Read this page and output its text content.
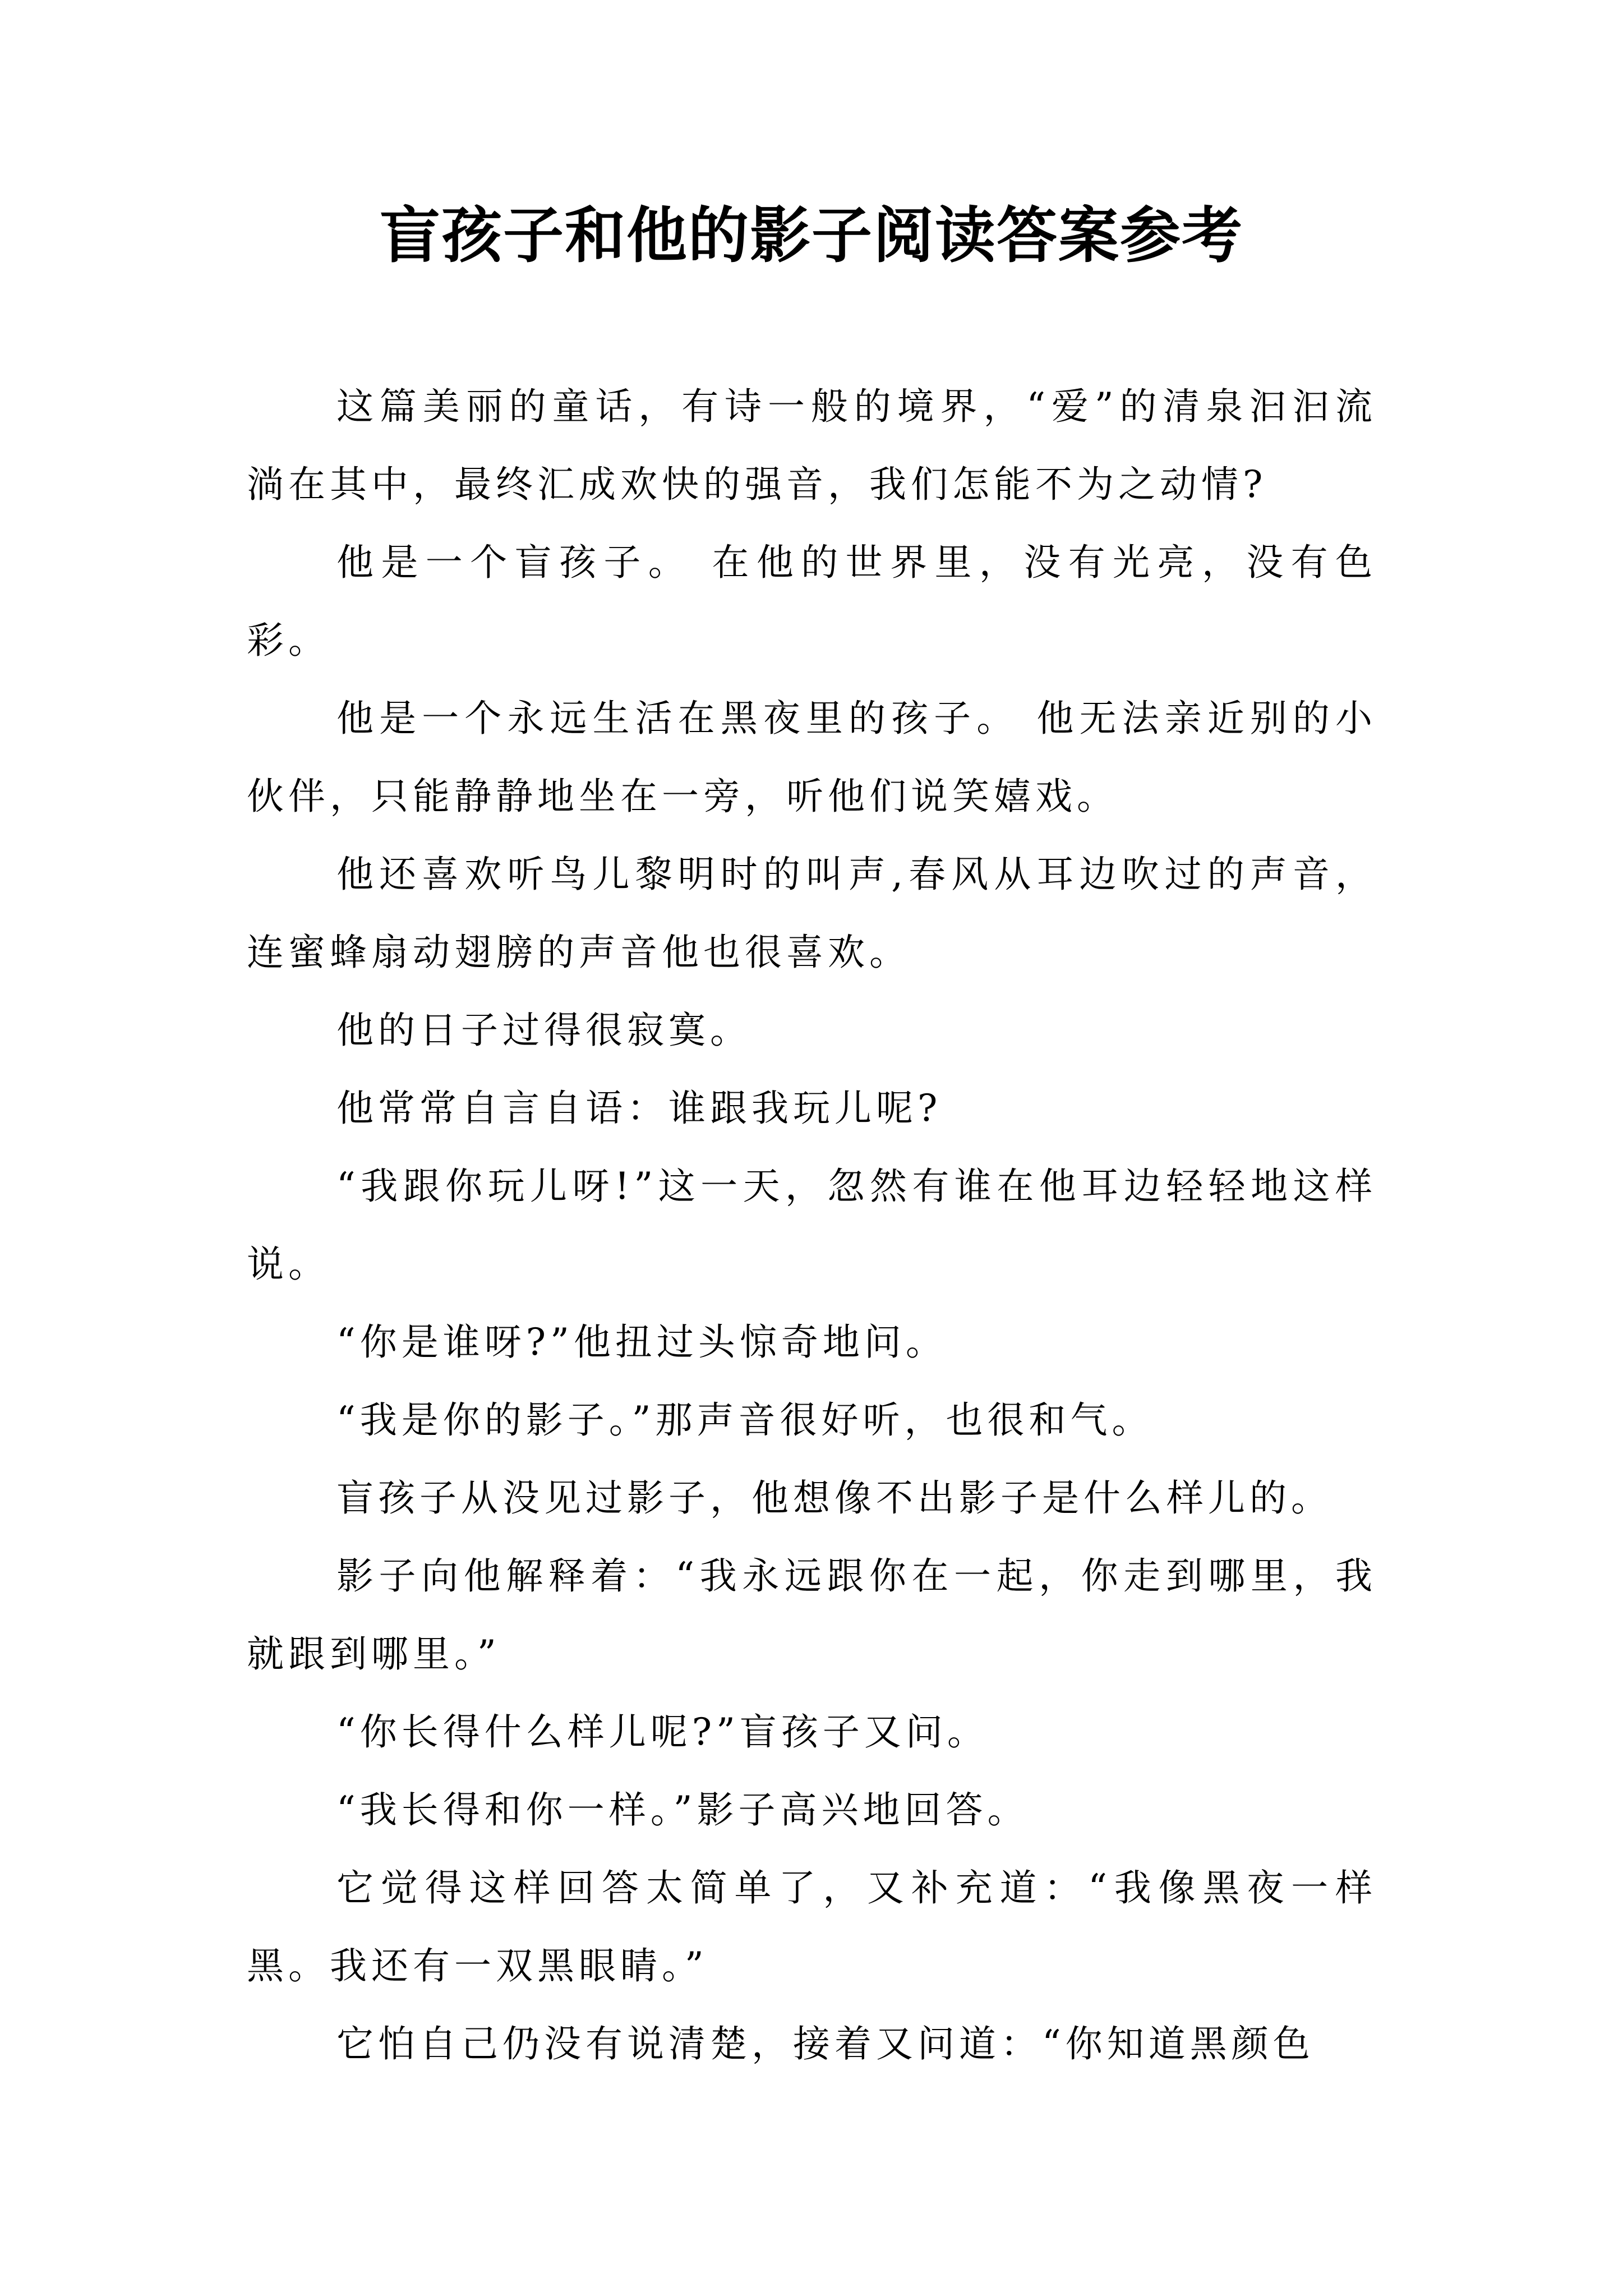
盲孩子和他的影子阅读答案参考

这篇美丽的童话，有诗一般的境界，“爱”的清泉汩汩流淌在其中，最终汇成欢快的强音，我们怎能不为之动情?

他是一个盲孩子。 在他的世界里，没有光亮，没有色彩。

他是一个永远生活在黑夜里的孩子。 他无法亲近别的小伙伴，只能静静地坐在一旁，听他们说笑嬉戏。

他还喜欢听鸟儿黎明时的叫声,春风从耳边吹过的声音，连蜜蜂扇动翅膀的声音他也很喜欢。

他的日子过得很寂寞。

他常常自言自语：谁跟我玩儿呢?

“我跟你玩儿呀!”这一天，忽然有谁在他耳边轻轻地这样说。

“你是谁呀?”他扭过头惊奇地问。

“我是你的影子。”那声音很好听，也很和气。

盲孩子从没见过影子，他想像不出影子是什么样儿的。

影子向他解释着：“我永远跟你在一起，你走到哪里，我就跟到哪里。”

“你长得什么样儿呢?”盲孩子又问。

“我长得和你一样。”影子高兴地回答。

它觉得这样回答太简单了，又补充道：“我像黑夜一样黑。我还有一双黑眼睛。”

它怕自己仍没有说清楚，接着又问道：“你知道黑颜色
